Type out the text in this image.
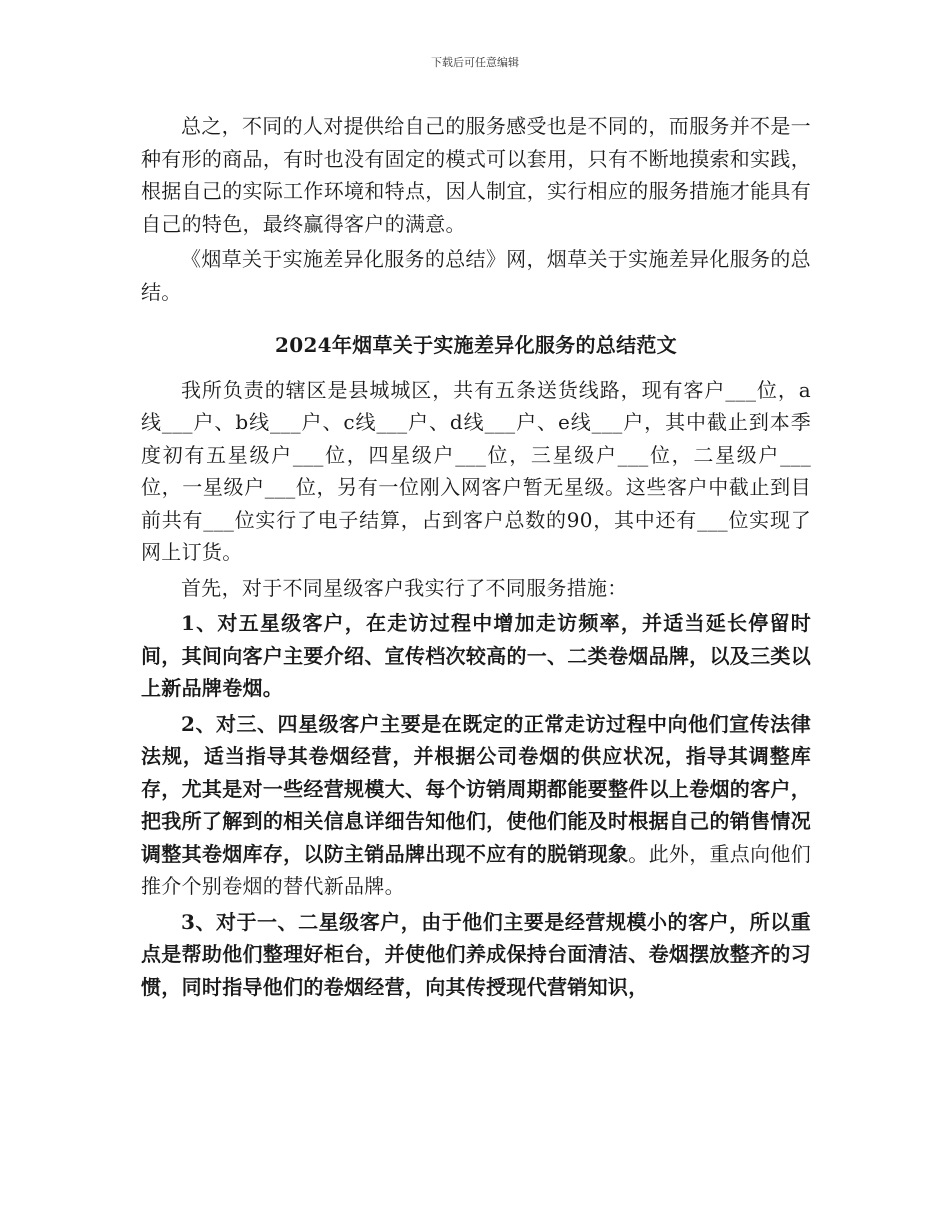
下载后可任意编辑

总之，不同的人对提供给自己的服务感受也是不同的，而服务并不是一种有形的商品，有时也没有固定的模式可以套用，只有不断地摸索和实践，根据自己的实际工作环境和特点，因人制宜，实行相应的服务措施才能具有自己的特色，最终赢得客户的满意。

《烟草关于实施差异化服务的总结》网，烟草关于实施差异化服务的总结。

2024年烟草关于实施差异化服务的总结范文

我所负责的辖区是县城城区，共有五条送货线路，现有客户___位，a线___户、b线___户、c线___户、d线___户、e线___户，其中截止到本季度初有五星级户___位，四星级户___位，三星级户___位，二星级户___位，一星级户___位，另有一位刚入网客户暂无星级。这些客户中截止到目前共有___位实行了电子结算，占到客户总数的90，其中还有___位实现了网上订货。

首先，对于不同星级客户我实行了不同服务措施：

1、对五星级客户，在走访过程中增加走访频率，并适当延长停留时间，其间向客户主要介绍、宣传档次较高的一、二类卷烟品牌，以及三类以上新品牌卷烟。

2、对三、四星级客户主要是在既定的正常走访过程中向他们宣传法律法规，适当指导其卷烟经营，并根据公司卷烟的供应状况，指导其调整库存，尤其是对一些经营规模大、每个访销周期都能要整件以上卷烟的客户，把我所了解到的相关信息详细告知他们，使他们能及时根据自己的销售情况调整其卷烟库存，以防主销品牌出现不应有的脱销现象。此外，重点向他们推介个别卷烟的替代新品牌。

3、对于一、二星级客户，由于他们主要是经营规模小的客户，所以重点是帮助他们整理好柜台，并使他们养成保持台面清洁、卷烟摆放整齐的习惯，同时指导他们的卷烟经营，向其传授现代营销知识，
